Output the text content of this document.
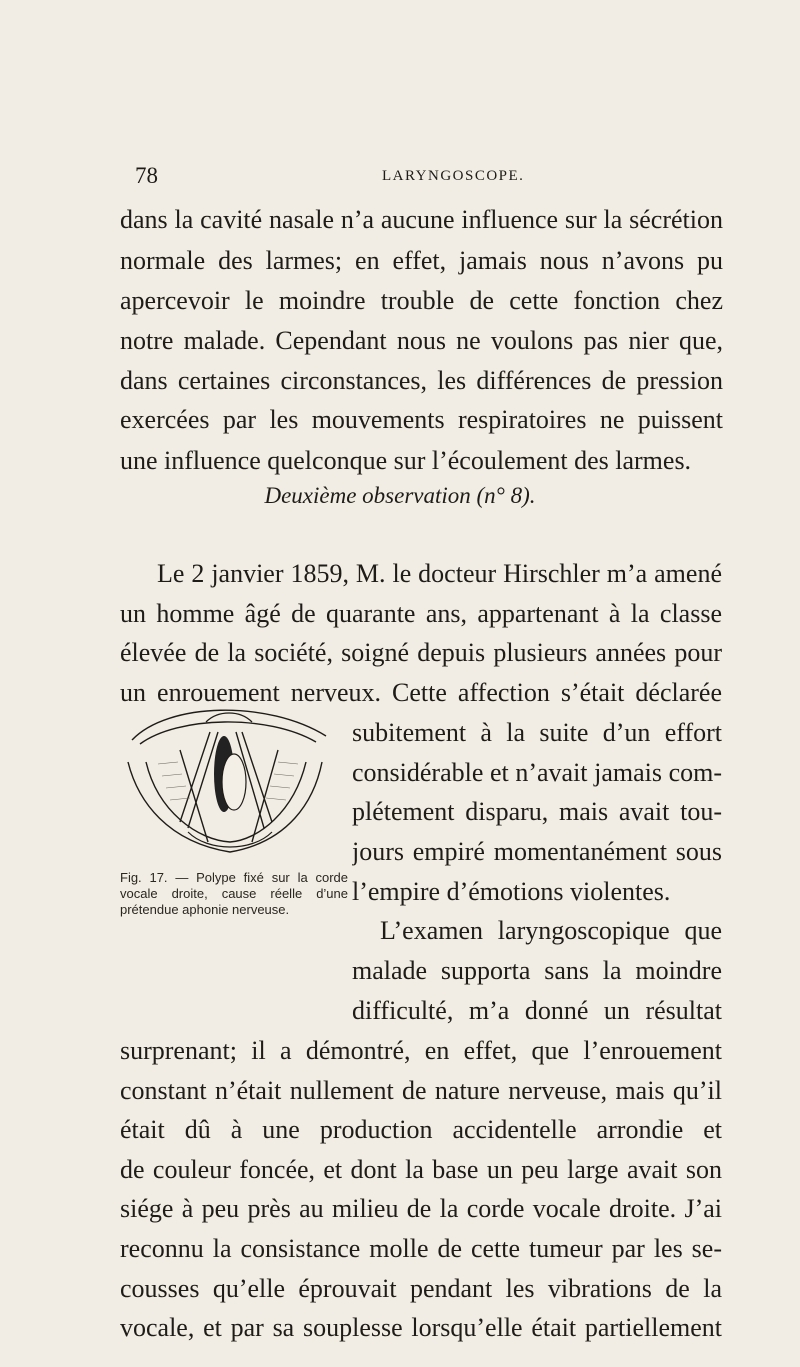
78	LARYNGOSCOPE.
dans la cavité nasale n’a aucune influence sur la sécrétion
normale des larmes; en effet, jamais nous n’avons pu
apercevoir le moindre trouble de cette fonction chez
notre malade. Cependant nous ne voulons pas nier que,
dans certaines circonstances, les différences de pression
exercées par les mouvements respiratoires ne puissent
une influence quelconque sur l’écoulement des larmes.
Deuxième observation (n° 8).
Le 2 janvier 1859, M. le docteur Hirschler m’a amené
un homme âgé de quarante ans, appartenant à la classe
élevée de la société, soigné depuis plusieurs années pour
un enrouement nerveux. Cette affection s’était déclarée
subitement à la suite d’un effort
considérable et n’avait jamais com-
plétement disparu, mais avait tou-
jours empiré momentanément sous
l’empire d’émotions violentes.
L’examen laryngoscopique que
malade supporta sans la moindre
difficulté, m’a donné un résultat
surprenant; il a démontré, en effet, que l’enrouement
constant n’était nullement de nature nerveuse, mais qu’il
était dû à une production accidentelle arrondie et
de couleur foncée, et dont la base un peu large avait son
siége à peu près au milieu de la corde vocale droite. J’ai
reconnu la consistance molle de cette tumeur par les se-
cousses qu’elle éprouvait pendant les vibrations de la
vocale, et par sa souplesse lorsqu’elle était partiellement
Fig. 17. — Polype fixé sur la corde vocale droite, cause réelle d’une prétendue aphonie nerveuse.
